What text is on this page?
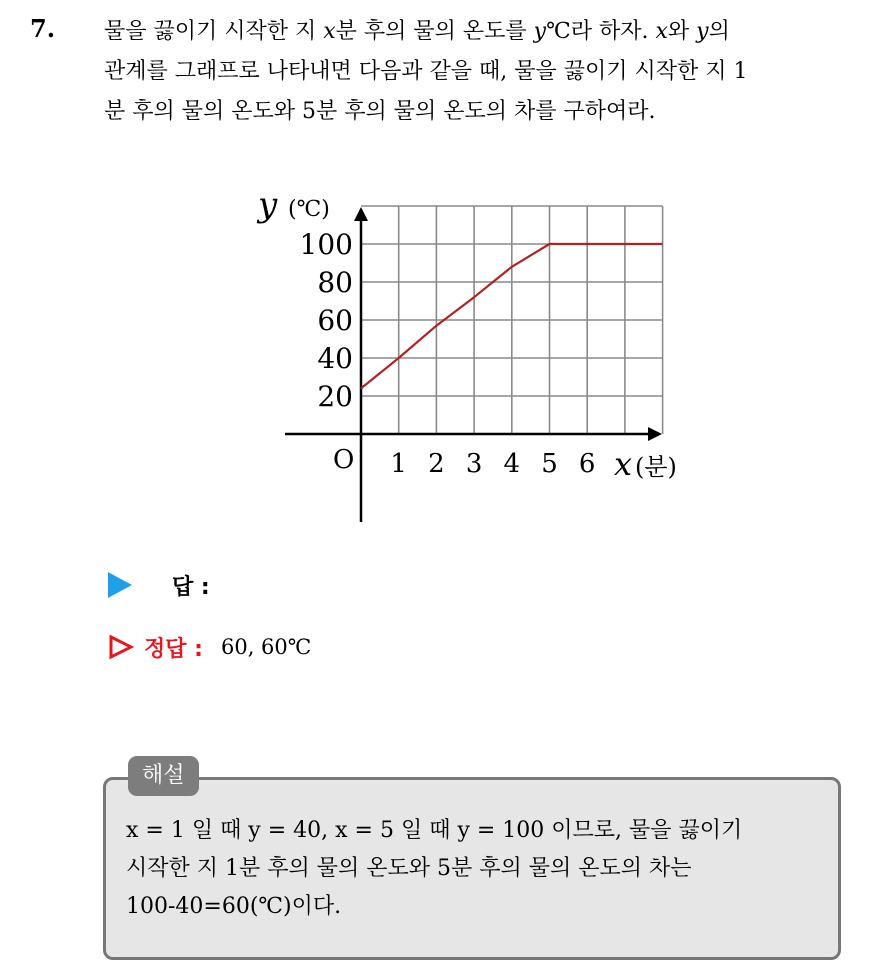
7. 물을 끓이기 시작한 지 x분 후의 물의 온도를 y℃라 하자. x와 y의
관계를 그래프로 나타내면 다음과 같을 때, 물을 끓이기 시작한 지 1
분 후의 물의 온도와 5분 후의 물의 온도의 차를 구하여라.
1 2 3 4 5 6
20
40
60
80
100
y (℃)
x (분)
O
답 :
정답 : 60, 60℃
해설
x = 1 일 때 y = 40, x = 5 일 때 y = 100 이므로, 물을 끓이기
시작한 지 1분 후의 물의 온도와 5분 후의 물의 온도의 차는
100-40=60(℃)이다.
